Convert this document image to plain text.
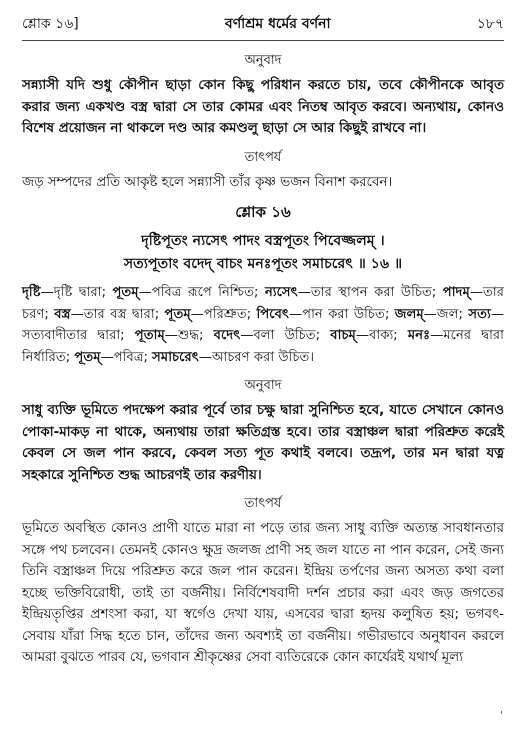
শ্লোক ১৬]	বর্ণাশ্রম ধর্মের বর্ণনা	১৮৭
অনুবাদ

সন্ন্যাসী যদি শুধু কৌপীন ছাড়া কোন কিছু পরিধান করতে চায়, তবে কৌপীনকে আবৃত করার জন্য একখণ্ড বস্ত্র দ্বারা সে তার কোমর এবং নিতম্ব আবৃত করবে। অন্যথায়, কোনও বিশেষ প্রয়োজন না থাকলে দণ্ড আর কমণ্ডলু ছাড়া সে আর কিছুই রাখবে না।

তাৎপর্য

জড় সম্পদের প্রতি আকৃষ্ট হলে সন্ন্যাসী তাঁর কৃষ্ণ ভজন বিনাশ করবেন।

শ্লোক ১৬

দৃষ্টিপূতং ন্যসেৎ পাদং বস্ত্রপূতং পিবেজ্জলম্ ।

সত্যপূতাং বদেদ্ বাচং মনঃপূতং সমাচরেৎ ॥ ১৬ ॥

দৃষ্টি—দৃষ্টি দ্বারা; পূতম্—পবিত্র রূপে নিশ্চিত; ন্যসেৎ—তার স্থাপন করা উচিত; পাদম্—তার চরণ; বস্ত্র—তার বস্ত্র দ্বারা; পূতম্—পরিশ্রুত; পিবেৎ—পান করা উচিত; জলম্—জল; সত্য—সত্যবাদীতার দ্বারা; পূতাম্—শুদ্ধ; বদেৎ—বলা উচিত; বাচম্—বাক্য; মনঃ—মনের দ্বারা নির্ধারিত; পূতম্—পবিত্র; সমাচরেৎ—আচরণ করা উচিত।

অনুবাদ

সাধু ব্যক্তি ভূমিতে পদক্ষেপ করার পূর্বে তার চক্ষু দ্বারা সুনিশ্চিত হবে, যাতে সেখানে কোনও পোকা-মাকড় না থাকে, অন্যথায় তারা ক্ষতিগ্রস্ত হবে। তার বস্ত্রাঞ্চল দ্বারা পরিশ্রুত করেই কেবল সে জল পান করবে, কেবল সত্য পূত কথাই বলবে। তদ্রূপ, তার মন দ্বারা যত্ন সহকারে সুনিশ্চিত শুদ্ধ আচরণই তার করণীয়।

তাৎপর্য

ভূমিতে অবস্থিত কোনও প্রাণী যাতে মারা না পড়ে তার জন্য সাধু ব্যক্তি অত্যন্ত সাবধানতার সঙ্গে পথ চলবেন। তেমনই কোনও ক্ষুদ্র জলজ প্রাণী সহ জল যাতে না পান করেন, সেই জন্য তিনি বস্ত্রাঞ্চল দিয়ে পরিশ্রুত করে জল পান করেন। ইন্দ্রিয় তর্পণের জন্য অসত্য কথা বলা হচ্ছে ভক্তিবিরোধী, তাই তা বর্জনীয়। নির্বিশেষবাদী দর্শন প্রচার করা এবং জড় জগতের ইন্দ্রিয়তৃপ্তির প্রশংসা করা, যা স্বর্গেও দেখা যায়, এসবের দ্বারা হৃদয় কলুষিত হয়; ভগবৎ-সেবায় যাঁরা সিদ্ধ হতে চান, তাঁদের জন্য অবশ্যই তা বর্জনীয়। গভীরভাবে অনুধাবন করলে আমরা বুঝতে পারব যে, ভগবান শ্রীকৃষ্ণের সেবা ব্যতিরেকে কোন কার্যেরই যথার্থ মূল্য

'
